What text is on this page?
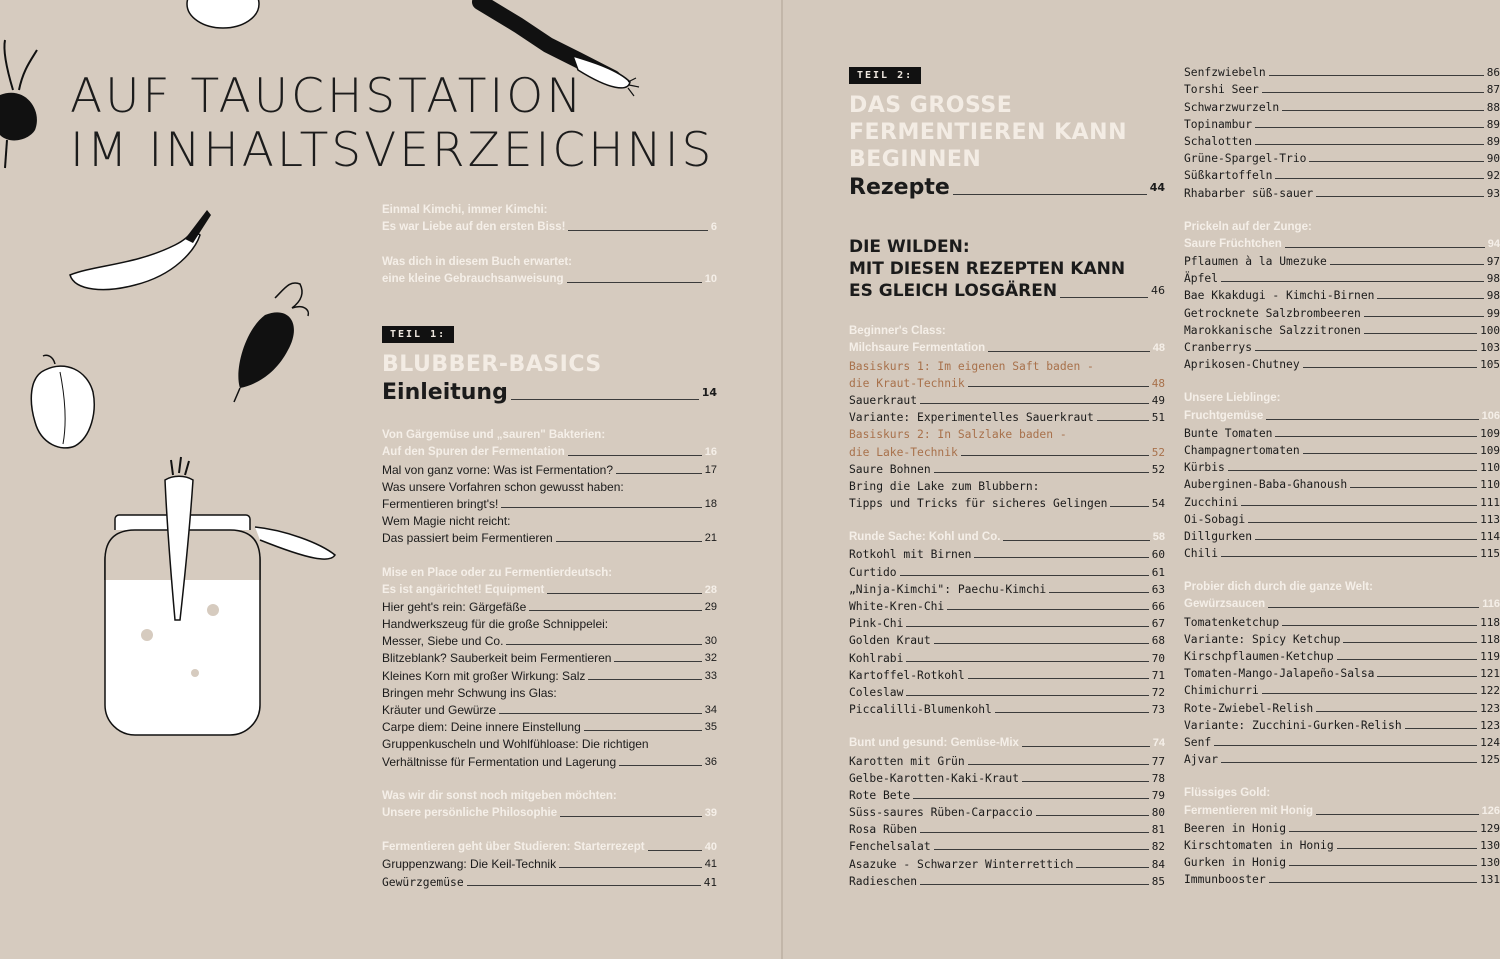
AUF TAUCHSTATION
IM INHALTSVERZEICHNIS
Einmal Kimchi, immer Kimchi:
Es war Liebe auf den ersten Biss!	6
Was dich in diesem Buch erwartet:
eine kleine Gebrauchsanweisung	10
TEIL 1:
BLUBBER-BASICS
Einleitung	14
Von Gärgemüse und „sauren" Bakterien:
Auf den Spuren der Fermentation	16
Mal von ganz vorne: Was ist Fermentation?	17
Was unsere Vorfahren schon gewusst haben:
Fermentieren bringt's!	18
Wem Magie nicht reicht:
Das passiert beim Fermentieren	21
Mise en Place oder zu Fermentierdeutsch:
Es ist angärichtet! Equipment	28
Hier geht's rein: Gärgefäße	29
Handwerkszeug für die große Schnippelei:
Messer, Siebe und Co.	30
Blitzeblank? Sauberkeit beim Fermentieren	32
Kleines Korn mit großer Wirkung: Salz	33
Bringen mehr Schwung ins Glas:
Kräuter und Gewürze	34
Carpe diem: Deine innere Einstellung	35
Gruppenkuscheln und Wohlfühloase: Die richtigen
Verhältnisse für Fermentation und Lagerung	36
Was wir dir sonst noch mitgeben möchten:
Unsere persönliche Philosophie	39
Fermentieren geht über Studieren: Starterrezept	40
Gruppenzwang: Die Keil-Technik	41
Gewürzgemüse	41
TEIL 2:
DAS GROSSE
FERMENTIEREN KANN
BEGINNEN
Rezepte	44
DIE WILDEN:
MIT DIESEN REZEPTEN KANN
ES GLEICH LOSGÄREN	46
Beginner's Class:
Milchsaure Fermentation	48
Basiskurs 1: Im eigenen Saft baden -
die Kraut-Technik	48
Sauerkraut	49
Variante: Experimentelles Sauerkraut	51
Basiskurs 2: In Salzlake baden -
die Lake-Technik	52
Saure Bohnen	52
Bring die Lake zum Blubbern:
Tipps und Tricks für sicheres Gelingen	54
Runde Sache: Kohl und Co.	58
Rotkohl mit Birnen	60
Curtido	61
„Ninja-Kimchi": Paechu-Kimchi	63
White-Kren-Chi	66
Pink-Chi	67
Golden Kraut	68
Kohlrabi	70
Kartoffel-Rotkohl	71
Coleslaw	72
Piccalilli-Blumenkohl	73
Bunt und gesund: Gemüse-Mix	74
Karotten mit Grün	77
Gelbe-Karotten-Kaki-Kraut	78
Rote Bete	79
Süss-saures Rüben-Carpaccio	80
Rosa Rüben	81
Fenchelsalat	82
Asazuke - Schwarzer Winterrettich	84
Radieschen	85
Senfzwiebeln	86
Torshi Seer	87
Schwarzwurzeln	88
Topinambur	89
Schalotten	89
Grüne-Spargel-Trio	90
Süßkartoffeln	92
Rhabarber süß-sauer	93
Prickeln auf der Zunge:
Saure Früchtchen	94
Pflaumen à la Umezuke	97
Äpfel	98
Bae Kkakdugi - Kimchi-Birnen	98
Getrocknete Salzbrombeeren	99
Marokkanische Salzzitronen	100
Cranberrys	103
Aprikosen-Chutney	105
Unsere Lieblinge:
Fruchtgemüse	106
Bunte Tomaten	109
Champagnertomaten	109
Kürbis	110
Auberginen-Baba-Ghanoush	110
Zucchini	111
Oi-Sobagi	113
Dillgurken	114
Chili	115
Probier dich durch die ganze Welt:
Gewürzsaucen	116
Tomatenketchup	118
Variante: Spicy Ketchup	118
Kirschpflaumen-Ketchup	119
Tomaten-Mango-Jalapeño-Salsa	121
Chimichurri	122
Rote-Zwiebel-Relish	123
Variante: Zucchini-Gurken-Relish	123
Senf	124
Ajvar	125
Flüssiges Gold:
Fermentieren mit Honig	126
Beeren in Honig	129
Kirschtomaten in Honig	130
Gurken in Honig	130
Immunbooster	131
